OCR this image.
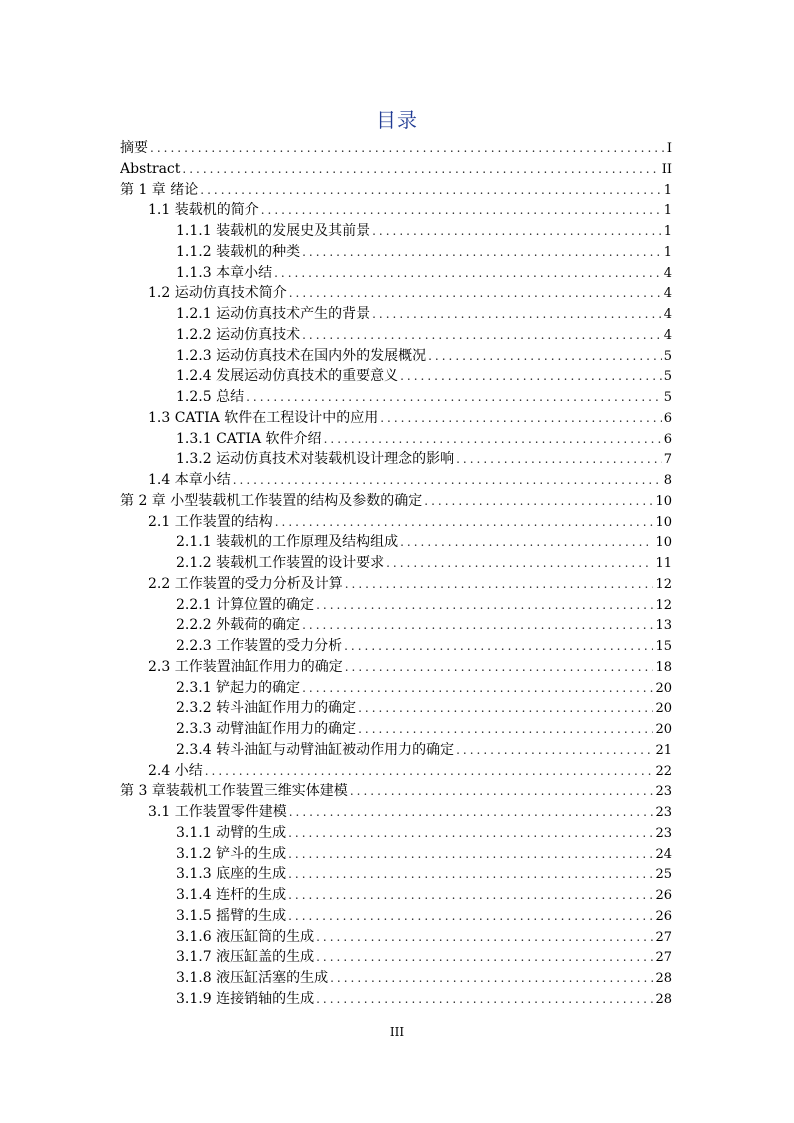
目录
摘要 .....	I
Abstract .....	II
第 1 章 绪论 .....	1
1.1 装载机的简介 .....	1
1.1.1 装载机的发展史及其前景 .....	1
1.1.2 装载机的种类 .....	1
1.1.3 本章小结 .....	4
1.2 运动仿真技术简介 .....	4
1.2.1 运动仿真技术产生的背景 .....	4
1.2.2 运动仿真技术 .....	4
1.2.3 运动仿真技术在国内外的发展概况 .....	5
1.2.4 发展运动仿真技术的重要意义 .....	5
1.2.5 总结 .....	5
1.3 CATIA 软件在工程设计中的应用 .....	6
1.3.1 CATIA 软件介绍 .....	6
1.3.2 运动仿真技术对装载机设计理念的影响 .....	7
1.4 本章小结 .....	8
第 2 章 小型装载机工作装置的结构及参数的确定 .....	10
2.1 工作装置的结构 .....	10
2.1.1 装载机的工作原理及结构组成 .....	10
2.1.2 装载机工作装置的设计要求 .....	11
2.2 工作装置的受力分析及计算 .....	12
2.2.1 计算位置的确定 .....	12
2.2.2 外载荷的确定 .....	13
2.2.3 工作装置的受力分析 .....	15
2.3 工作装置油缸作用力的确定 .....	18
2.3.1 铲起力的确定 .....	20
2.3.2 转斗油缸作用力的确定 .....	20
2.3.3 动臂油缸作用力的确定 .....	20
2.3.4 转斗油缸与动臂油缸被动作用力的确定 .....	21
2.4 小结 .....	22
第 3 章装载机工作装置三维实体建模 .....	23
3.1 工作装置零件建模 .....	23
3.1.1 动臂的生成 .....	23
3.1.2 铲斗的生成 .....	24
3.1.3 底座的生成 .....	25
3.1.4 连杆的生成 .....	26
3.1.5 摇臂的生成 .....	26
3.1.6 液压缸筒的生成 .....	27
3.1.7 液压缸盖的生成 .....	27
3.1.8 液压缸活塞的生成 .....	28
3.1.9 连接销轴的生成 .....	28
III
